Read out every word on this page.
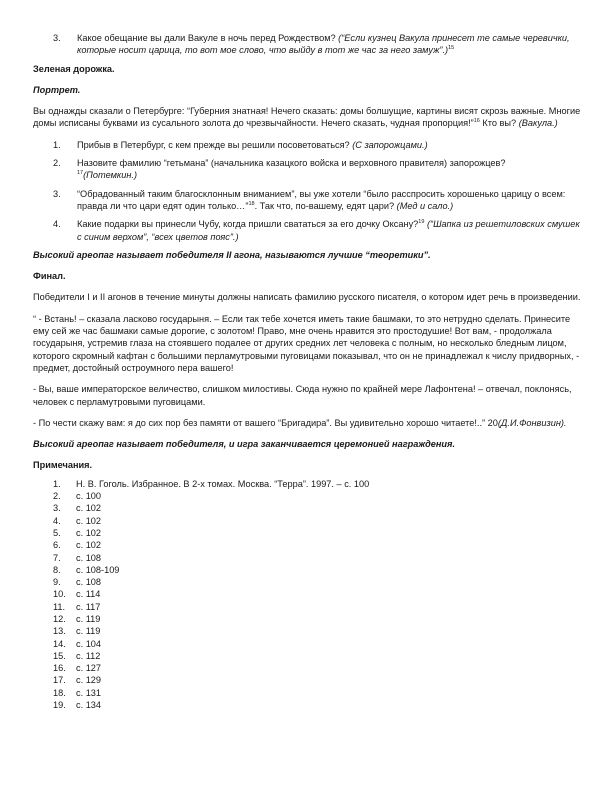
3.	Какое обещание вы дали Вакуле в ночь перед Рождеством? (“Если кузнец Вакула принесет те самые черевички, которые носит царица, то вот мое слово, что выйду в тот же час за него замуж”.)$^{15}$

Зеленая дорожка.

Портрет.

Вы однажды сказали о Петербурге: “Губерния знатная! Нечего сказать: домы болшущие, картины висят скрозь важные. Многие домы исписаны буквами из сусального золота до чрезвычайности. Нечего сказать, чудная пропорция!”$^{16}$ Кто вы? (Вакула.)

1.	Прибыв в Петербург, с кем прежде вы решили посоветоваться? (С запорожцами.)
2.	Назовите фамилию “гетьмана” (начальника казацкого войска и верховного правителя) запорожцев?
$^{17}$(Потемкин.)
3.	“Обрадованный таким благосклонным вниманием”, вы уже хотели “было расспросить хорошенько царицу о всем: правда ли что цари едят один только…”$^{18}$. Так что, по-вашему, едят цари? (Мед и сало.)
4.	Какие подарки вы принесли Чубу, когда пришли свататься за его дочку Оксану?$^{19}$ (“Шапка из решетиловских смушек с синим верхом”, “всех цветов пояс”.)

Высокий ареопаг называет победителя II агона, называются лучшие “теоретики”.

Финал.

Победители I и II агонов в течение минуты должны написать фамилию русского писателя, о котором идет речь в произведении.

“ - Встань! – сказала ласково государыня. – Если так тебе хочется иметь такие башмаки, то это нетрудно сделать. Принесите ему сей же час башмаки самые дорогие, с золотом! Право, мне очень нравится это простодушие! Вот вам, - продолжала государыня, устремив глаза на стоявшего подалее от других средних лет человека с полным, но несколько бледным лицом, которого скромный кафтан с большими перламутровыми пуговицами показывал, что он не принадлежал к числу придворных, - предмет, достойный остроумного пера вашего!

- Вы, ваше императорское величество, слишком милостивы. Сюда нужно по крайней мере Лафонтена! – отвечал, поклонясь, человек с перламутровыми пуговицами.

- По чести скажу вам: я до сих пор без памяти от вашего “Бригадира”. Вы удивительно хорошо читаете!..” 20(Д.И.Фонвизин).

Высокий ареопаг называет победителя, и игра заканчивается церемонией награждения.

Примечания.

1.	Н. В. Гоголь. Избранное. В 2-х томах. Москва. “Терра”. 1997. – с. 100
2.	с. 100
3.	с. 102
4.	с. 102
5.	с. 102
6.	с. 102
7.	с. 108
8.	с. 108-109
9.	с. 108
10.	с. 114
11.	с. 117
12.	с. 119
13.	с. 119
14.	с. 104
15.	с. 112
16.	с. 127
17.	с. 129
18.	с. 131
19.	с. 134
